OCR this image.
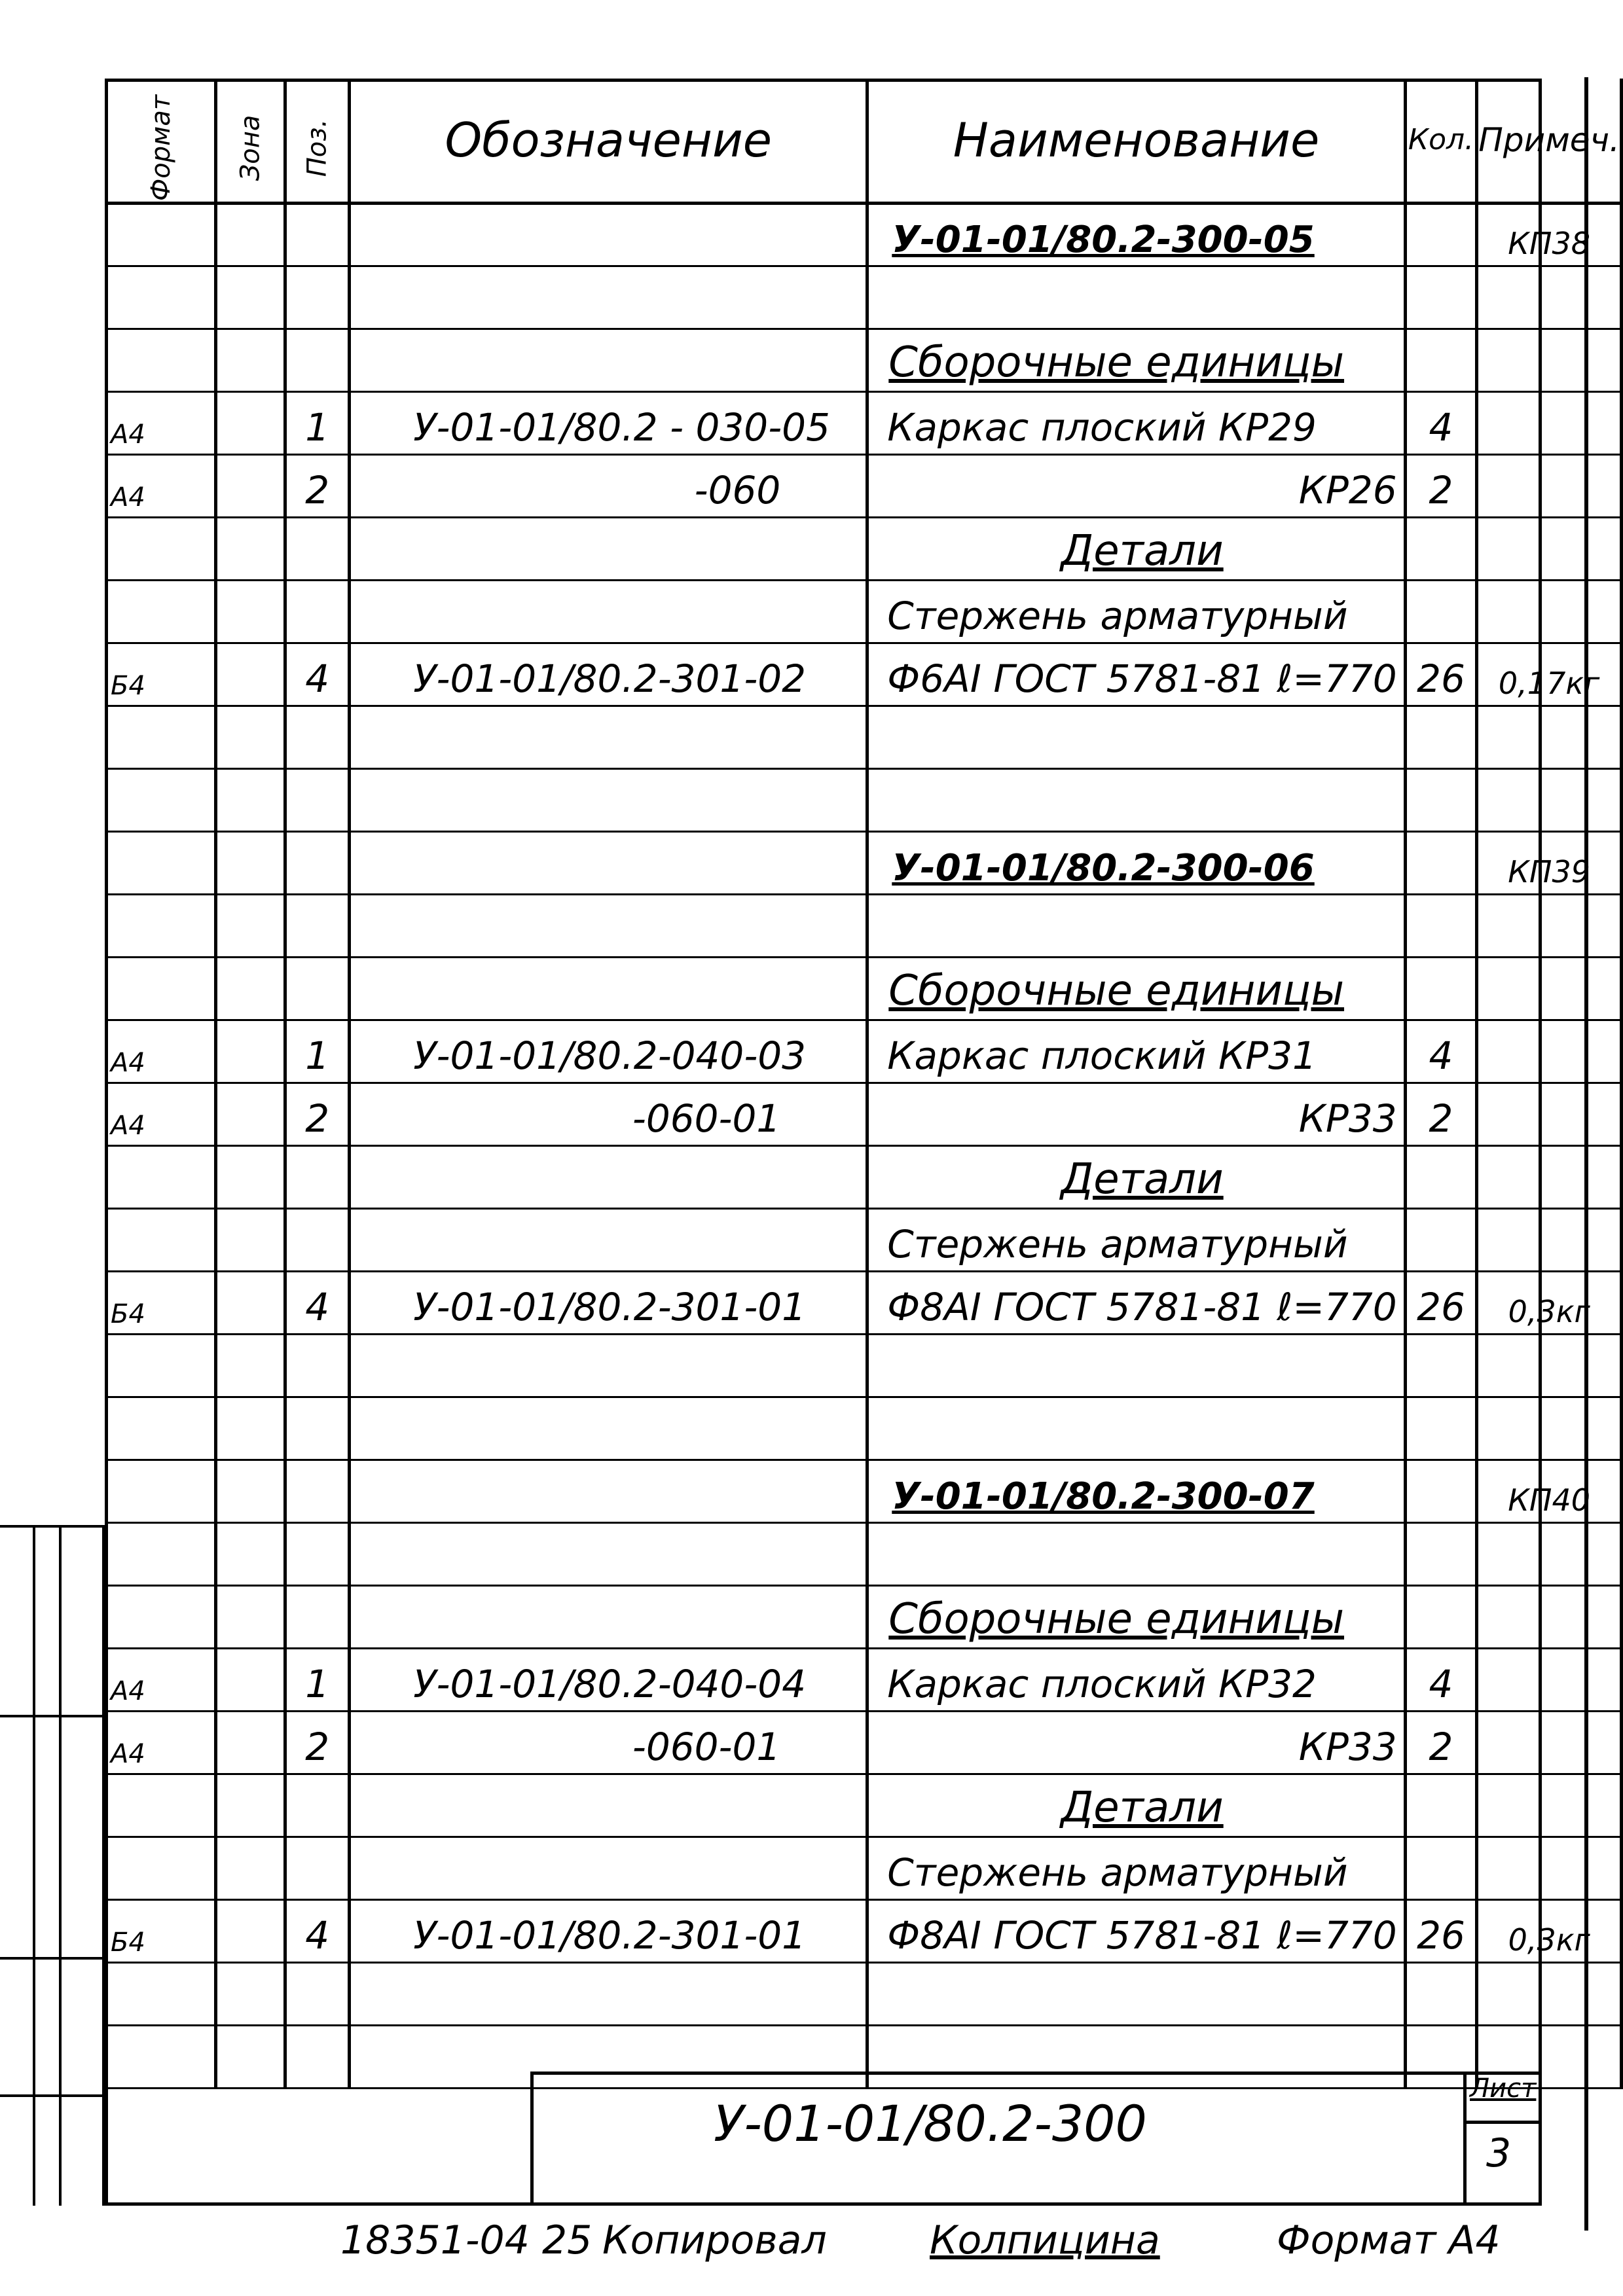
Формат	Зона	Поз.	Обозначение	Наименование	Кол.	Примеч.
				У-01-01/80.2-300-05		КП38

				Сборочные единицы		
А4		1	У-01-01/80.2 - 030-05	Каркас плоский КР29	4	
А4		2	-060	КР26	2	
				Детали		
				Стержень арматурный		
Б4		4	У-01-01/80.2-301-02	Ф6АI ГОСТ 5781-81 ℓ=770	26	0,17кг

				У-01-01/80.2-300-06		КП39

				Сборочные единицы		
А4		1	У-01-01/80.2-040-03	Каркас плоский КР31	4	
А4		2	-060-01	КР33	2	
				Детали		
				Стержень арматурный		
Б4		4	У-01-01/80.2-301-01	Ф8АI ГОСТ 5781-81 ℓ=770	26	0,3кг

				У-01-01/80.2-300-07		КП40

				Сборочные единицы		
А4		1	У-01-01/80.2-040-04	Каркас плоский КР32	4	
А4		2	-060-01	КР33	2	
				Детали		
				Стержень арматурный		
Б4		4	У-01-01/80.2-301-01	Ф8АI ГОСТ 5781-81 ℓ=770	26	0,3кг

У-01-01/80.2-300
Лист
3
18351-04 25 Копировал	Колпицина	Формат А4
